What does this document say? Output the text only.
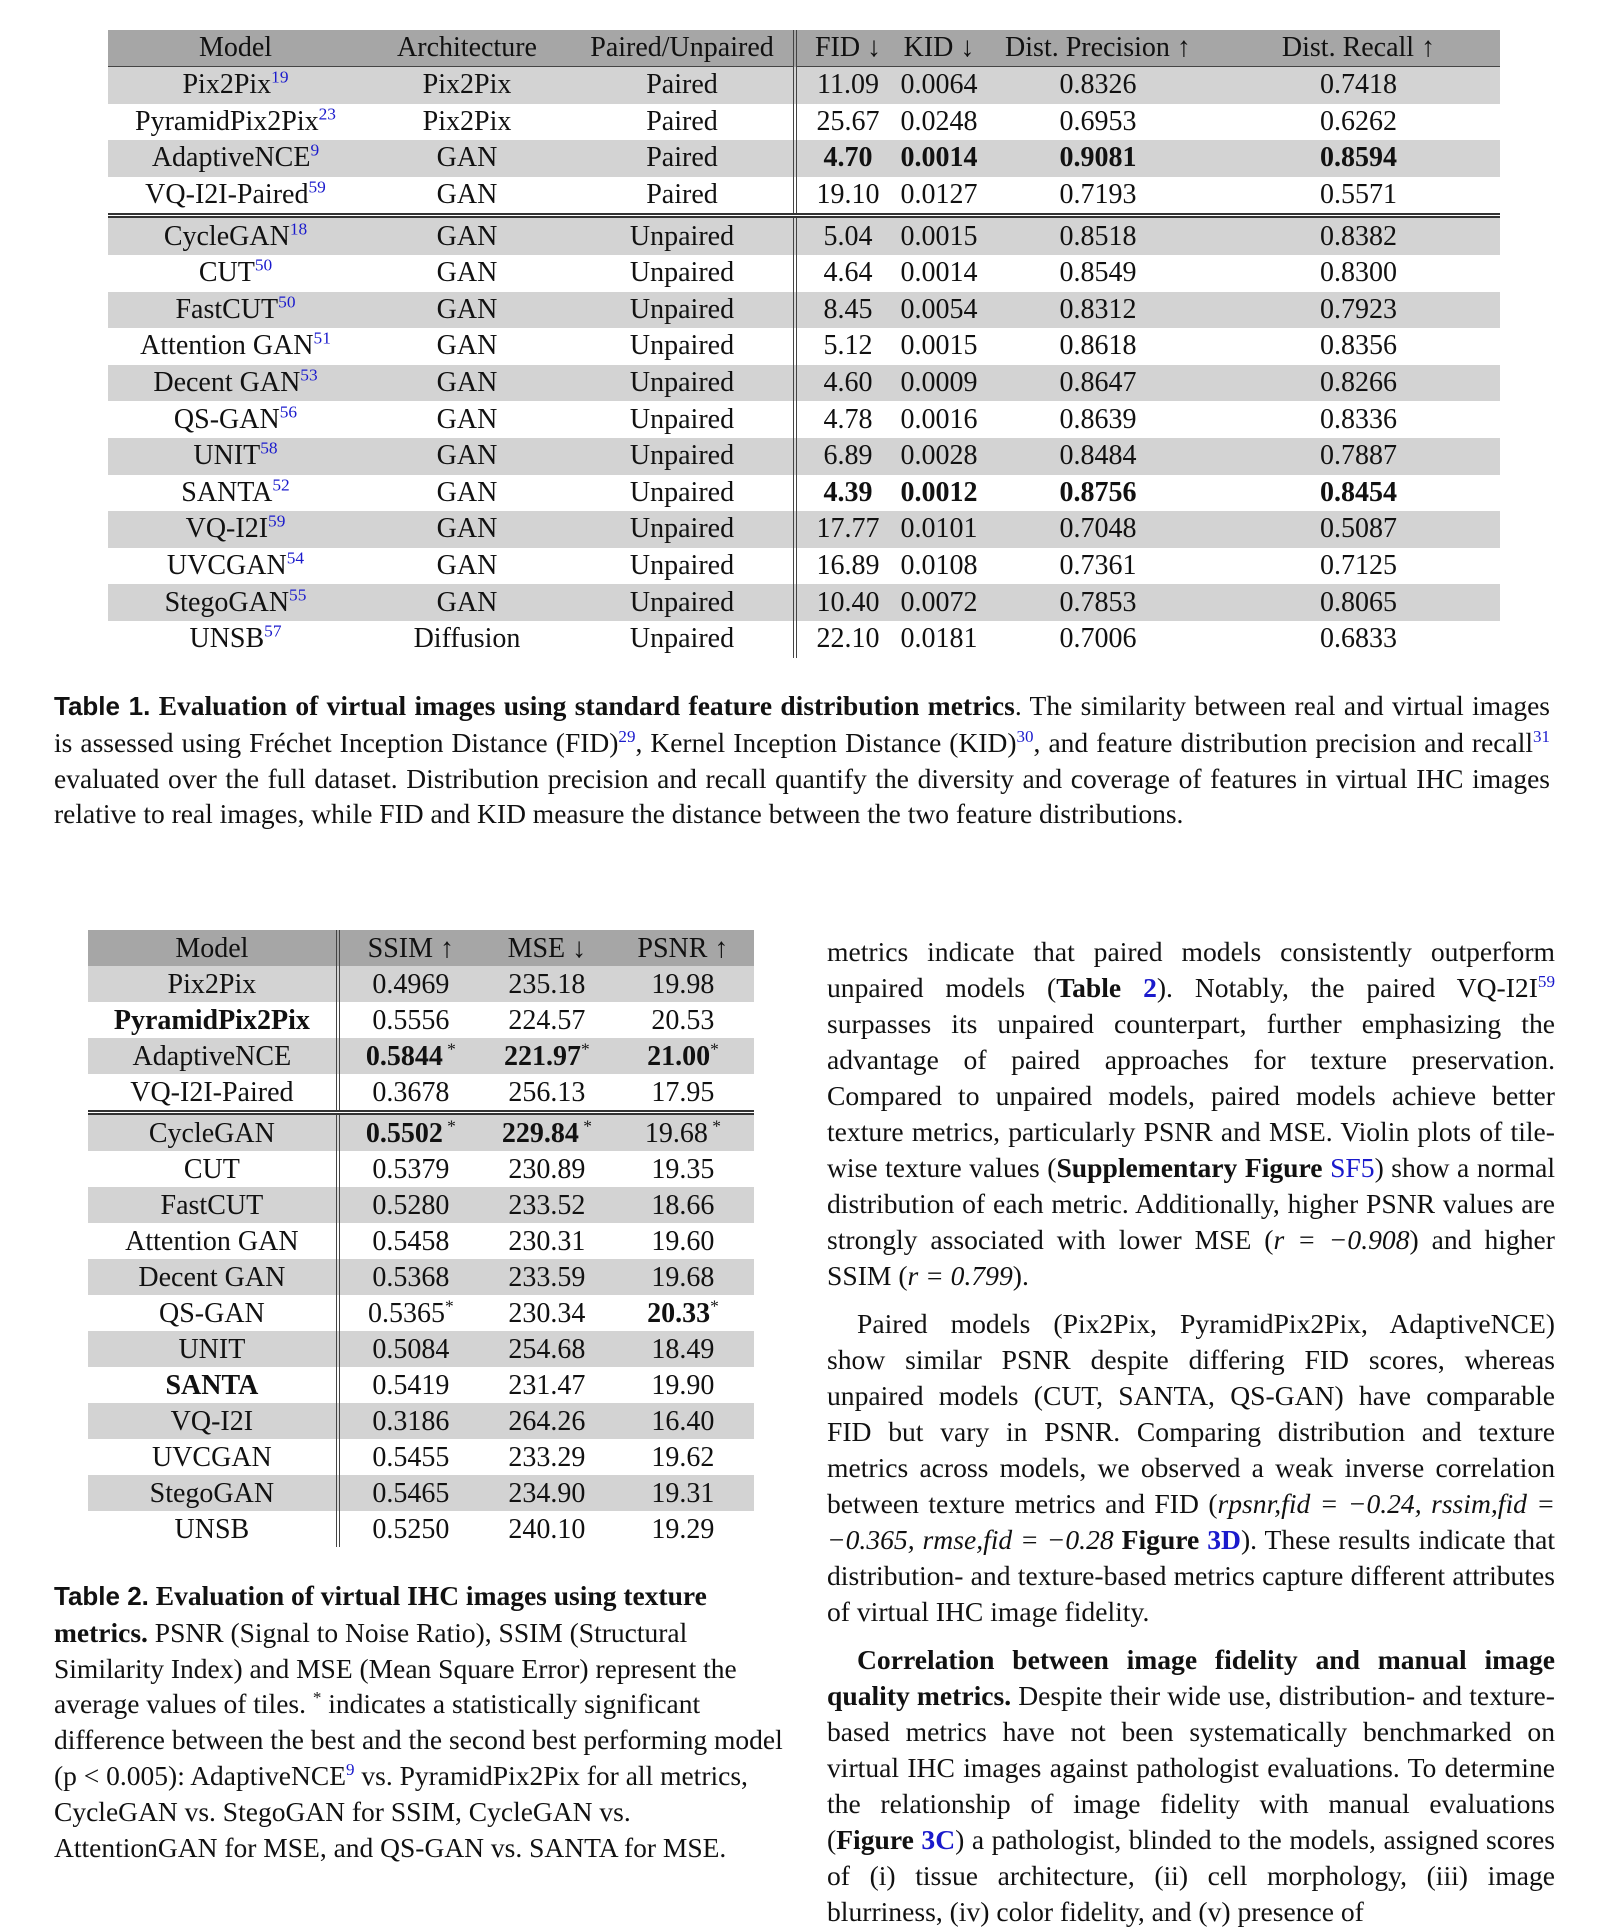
Model	Architecture	Paired/Unpaired	FID ↓	KID ↓	Dist. Precision ↑	Dist. Recall ↑
Pix2Pix$^{19}$	Pix2Pix	Paired	11.09	0.0064	0.8326	0.7418
PyramidPix2Pix$^{23}$	Pix2Pix	Paired	25.67	0.0248	0.6953	0.6262
AdaptiveNCE$^9$	GAN	Paired	4.70	0.0014	0.9081	0.8594
VQ-I2I-Paired$^{59}$	GAN	Paired	19.10	0.0127	0.7193	0.5571
CycleGAN$^{18}$	GAN	Unpaired	5.04	0.0015	0.8518	0.8382
CUT$^{50}$	GAN	Unpaired	4.64	0.0014	0.8549	0.8300
FastCUT$^{50}$	GAN	Unpaired	8.45	0.0054	0.8312	0.7923
Attention GAN$^{51}$	GAN	Unpaired	5.12	0.0015	0.8618	0.8356
Decent GAN$^{53}$	GAN	Unpaired	4.60	0.0009	0.8647	0.8266
QS-GAN$^{56}$	GAN	Unpaired	4.78	0.0016	0.8639	0.8336
UNIT$^{58}$	GAN	Unpaired	6.89	0.0028	0.8484	0.7887
SANTA$^{52}$	GAN	Unpaired	4.39	0.0012	0.8756	0.8454
$VQ-I2I^{59}$	GAN	Unpaired	17.77	0.0101	0.7048	0.5087
UVCGAN$^{54}$	GAN	Unpaired	16.89	0.0108	0.7361	0.7125
StegoGAN$^{55}$	GAN	Unpaired	10.40	0.0072	0.7853	0.8065
UNSB$^{57}$	Diffusion	Unpaired	22.10	0.0181	0.7006	0.6833
Table 1. Evaluation of virtual images using standard feature distribution metrics. The similarity between real and virtual images is assessed using Fréchet Inception Distance (FID)$^{29}$, Kernel Inception Distance (KID)$^{30}$, and feature distribution precision and recall$^{31}$ evaluated over the full dataset. Distribution precision and recall quantify the diversity and coverage of features in virtual IHC images relative to real images, while FID and KID measure the distance between the two feature distributions.
Model	SSIM ↑	MSE ↓	PSNR ↑
Pix2Pix	0.4969	235.18	19.98
PyramidPix2Pix	0.5556	224.57	20.53
AdaptiveNCE	0.5844 *	221.97*	21.00*
VQ-I2I-Paired	0.3678	256.13	17.95
CycleGAN	0.5502 *	229.84 *	19.68 *
CUT	0.5379	230.89	19.35
FastCUT	0.5280	233.52	18.66
Attention GAN	0.5458	230.31	19.60
Decent GAN	0.5368	233.59	19.68
QS-GAN	0.5365*	230.34	20.33*
UNIT	0.5084	254.68	18.49
SANTA	0.5419	231.47	19.90
VQ-I2I	0.3186	264.26	16.40
UVCGAN	0.5455	233.29	19.62
StegoGAN	0.5465	234.90	19.31
UNSB	0.5250	240.10	19.29
Table 2. Evaluation of virtual IHC images using texture metrics. PSNR (Signal to Noise Ratio), SSIM (Structural Similarity Index) and MSE (Mean Square Error) represent the average values of tiles. * indicates a statistically significant difference between the best and the second best performing model (p < 0.005): AdaptiveNCE$^9$ vs. PyramidPix2Pix for all metrics, CycleGAN vs. StegoGAN for SSIM, CycleGAN vs. AttentionGAN for MSE, and QS-GAN vs. SANTA for MSE.

metrics indicate that paired models consistently outperform unpaired models (Table 2). Notably, the paired $VQ-I2I^{59}$ surpasses its unpaired counterpart, further emphasizing the advantage of paired approaches for texture preservation. Compared to unpaired models, paired models achieve better texture metrics, particularly PSNR and MSE. Violin plots of tile-wise texture values (Supplementary Figure SF5) show a normal distribution of each metric. Additionally, higher PSNR values are strongly associated with lower MSE (r = −0.908) and higher SSIM (r = 0.799).

Paired models (Pix2Pix, PyramidPix2Pix, AdaptiveNCE) show similar PSNR despite differing FID scores, whereas unpaired models (CUT, SANTA, QS-GAN) have comparable FID but vary in PSNR. Comparing distribution and texture metrics across models, we observed a weak inverse correlation between texture metrics and FID (rpsnr,fid = −0.24, rssim,fid = −0.365, rmse,fid = −0.28 Figure 3D). These results indicate that distribution- and texture-based metrics capture different attributes of virtual IHC image fidelity.

Correlation between image fidelity and manual image quality metrics. Despite their wide use, distribution- and texture-based metrics have not been systematically benchmarked on virtual IHC images against pathologist evaluations. To determine the relationship of image fidelity with manual evaluations (Figure 3C) a pathologist, blinded to the models, assigned scores of (i) tissue architecture, (ii) cell morphology, (iii) image blurriness, (iv) color fidelity, and (v) presence of
